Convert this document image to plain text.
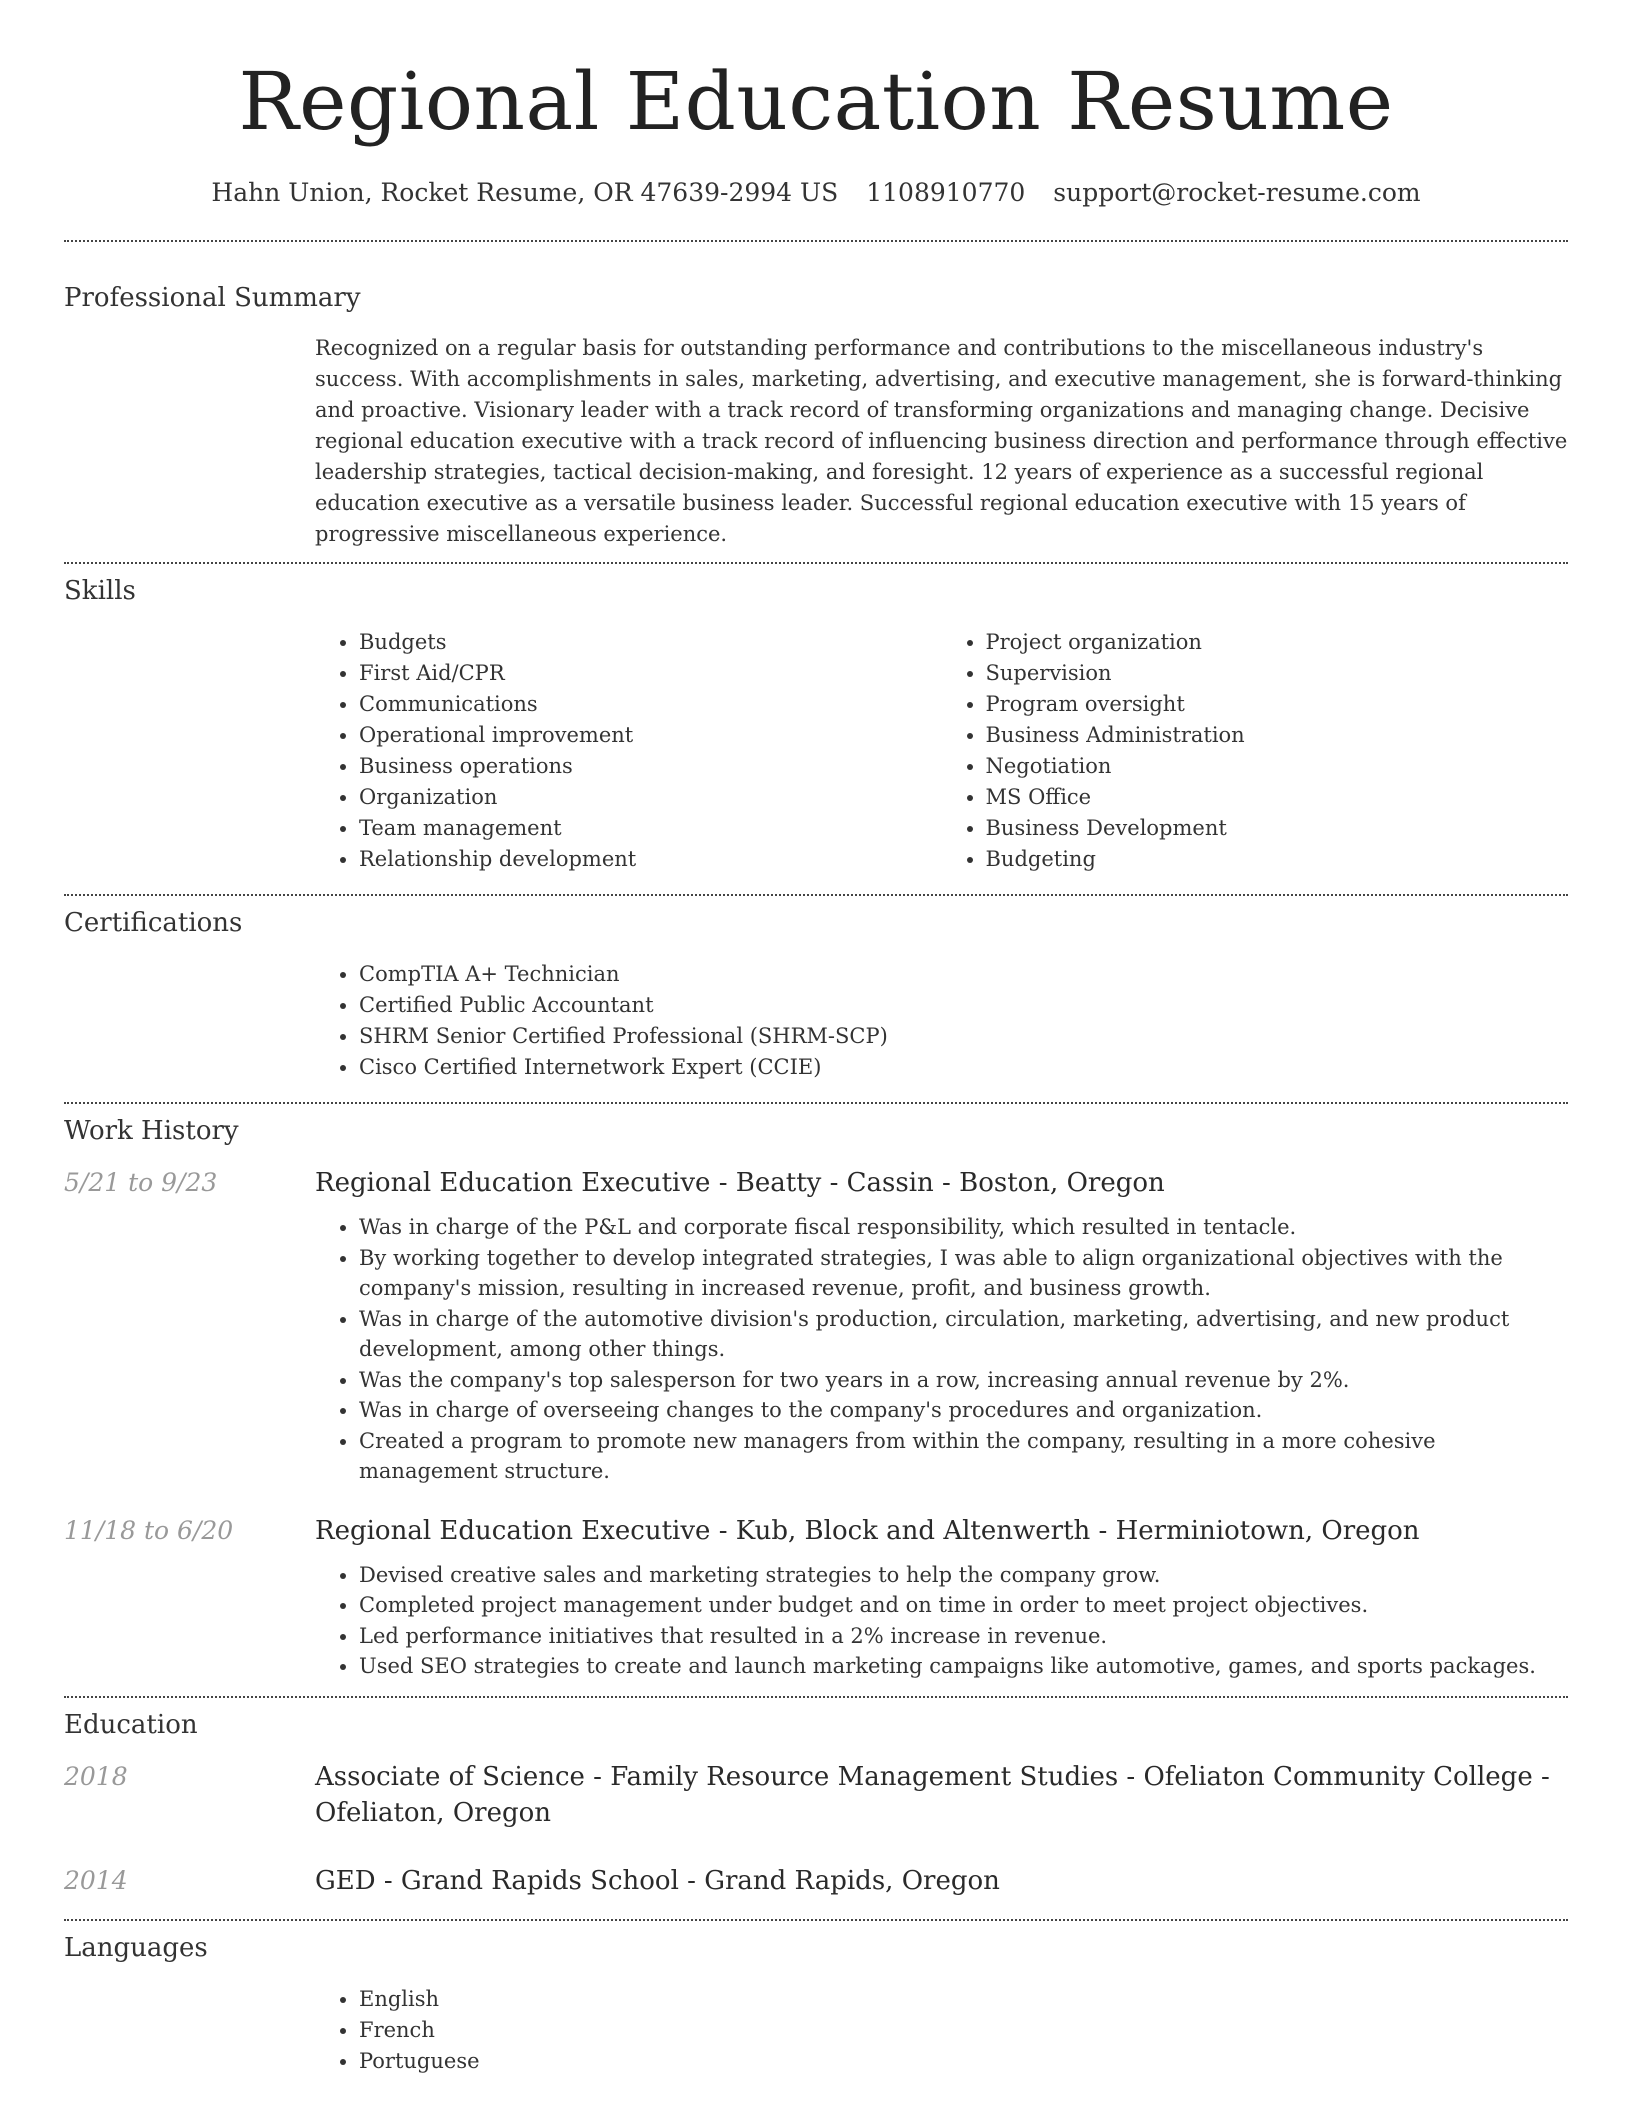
Regional Education Resume
Hahn Union, Rocket Resume, OR 47639-2994 US 1108910770 support@rocket-resume.com
Professional Summary
Recognized on a regular basis for outstanding performance and contributions to the miscellaneous industry's success. With accomplishments in sales, marketing, advertising, and executive management, she is forward-thinking and proactive. Visionary leader with a track record of transforming organizations and managing change. Decisive regional education executive with a track record of influencing business direction and performance through effective leadership strategies, tactical decision-making, and foresight. 12 years of experience as a successful regional education executive as a versatile business leader. Successful regional education executive with 15 years of progressive miscellaneous experience.
Skills
• Budgets
• First Aid/CPR
• Communications
• Operational improvement
• Business operations
• Organization
• Team management
• Relationship development
• Project organization
• Supervision
• Program oversight
• Business Administration
• Negotiation
• MS Office
• Business Development
• Budgeting
Certifications
• CompTIA A+ Technician
• Certified Public Accountant
• SHRM Senior Certified Professional (SHRM-SCP)
• Cisco Certified Internetwork Expert (CCIE)
Work History
5/21 to 9/23	Regional Education Executive - Beatty - Cassin - Boston, Oregon
• Was in charge of the P&L and corporate fiscal responsibility, which resulted in tentacle.
• By working together to develop integrated strategies, I was able to align organizational objectives with the company's mission, resulting in increased revenue, profit, and business growth.
• Was in charge of the automotive division's production, circulation, marketing, advertising, and new product development, among other things.
• Was the company's top salesperson for two years in a row, increasing annual revenue by 2%.
• Was in charge of overseeing changes to the company's procedures and organization.
• Created a program to promote new managers from within the company, resulting in a more cohesive management structure.
11/18 to 6/20	Regional Education Executive - Kub, Block and Altenwerth - Herminiotown, Oregon
• Devised creative sales and marketing strategies to help the company grow.
• Completed project management under budget and on time in order to meet project objectives.
• Led performance initiatives that resulted in a 2% increase in revenue.
• Used SEO strategies to create and launch marketing campaigns like automotive, games, and sports packages.
Education
2018	Associate of Science - Family Resource Management Studies - Ofeliaton Community College - Ofeliaton, Oregon
2014	GED - Grand Rapids School - Grand Rapids, Oregon
Languages
• English
• French
• Portuguese
